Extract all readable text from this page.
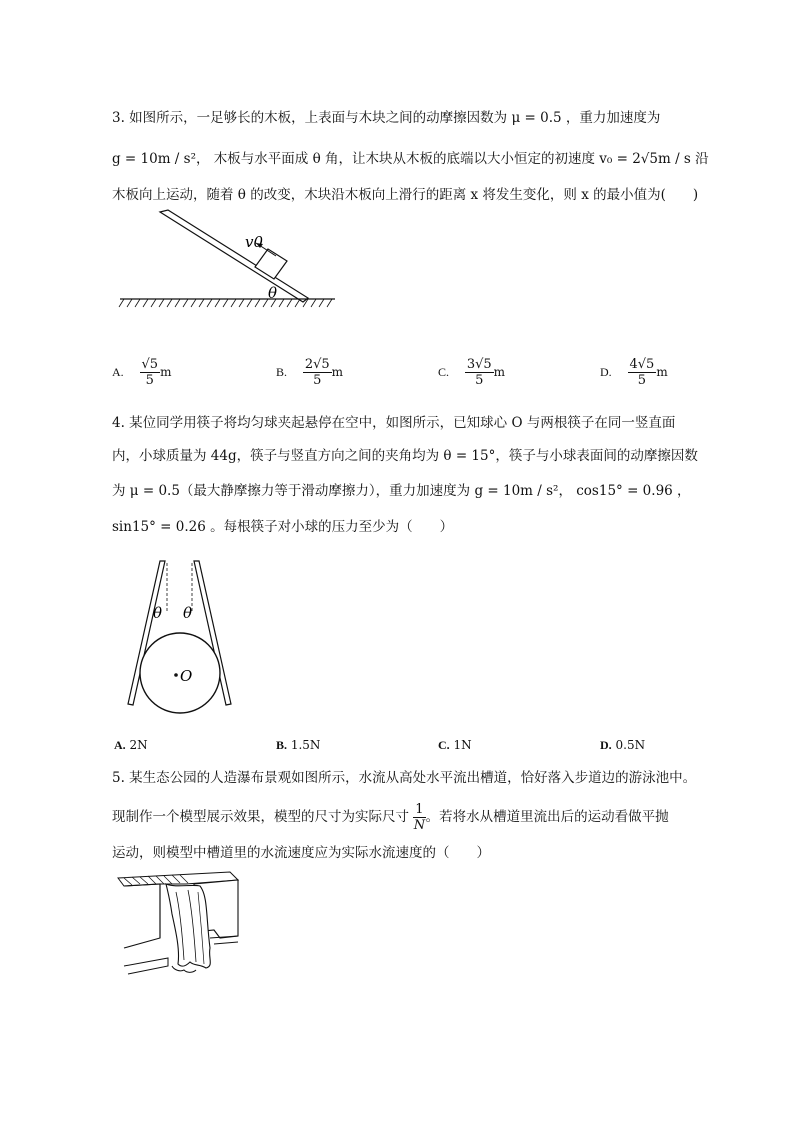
3. 如图所示，一足够长的木板，上表面与木块之间的动摩擦因数为 μ = 0.5 ，重力加速度为
g = 10m / s²， 木板与水平面成 θ 角，让木块从木板的底端以大小恒定的初速度 v₀ = 2√5m / s 沿
木板向上运动，随着 θ 的改变，木块沿木板向上滑行的距离 x 将发生变化，则 x 的最小值为(　　)
v0
θ
A. $\frac{√5}{5}$ m	B. $\frac{2√5}{5}$ m	C. $\frac{3√5}{5}$ m	D. $\frac{4√5}{5}$ m
4. 某位同学用筷子将均匀球夹起悬停在空中，如图所示，已知球心 O 与两根筷子在同一竖直面
内，小球质量为 44g，筷子与竖直方向之间的夹角均为 θ = 15°，筷子与小球表面间的动摩擦因数
为 μ = 0.5（最大静摩擦力等于滑动摩擦力），重力加速度为 g = 10m / s²， cos15° = 0.96 ，
sin15° = 0.26 。每根筷子对小球的压力至少为（　　）
θ θ
O
A. 2N	B. 1.5N	C. 1N	D. 0.5N
5. 某生态公园的人造瀑布景观如图所示，水流从高处水平流出槽道，恰好落入步道边的游泳池中。
现制作一个模型展示效果，模型的尺寸为实际尺寸 $\frac{1}{N}$ 。若将水从槽道里流出后的运动看做平抛
运动，则模型中槽道里的水流速度应为实际水流速度的（　　）
